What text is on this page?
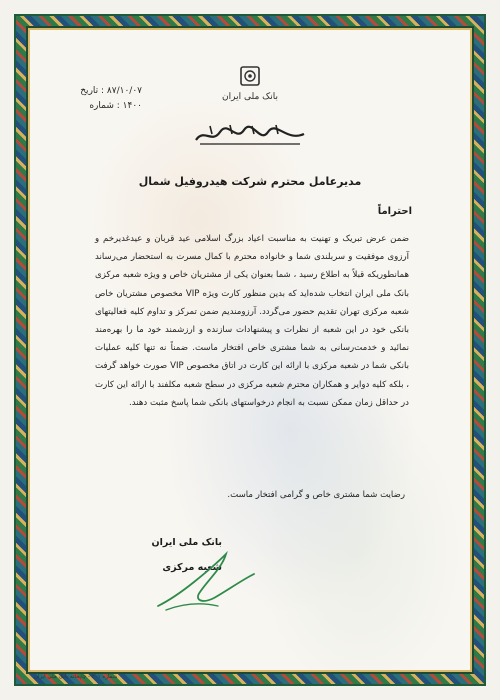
بانک ملی ایران
۸۷/۱۰/۰۷ : تاریخ
۱۴۰۰ : شماره
مدیرعامل محترم شرکت هیدروفیل شمال
احتراماً

ضمن عرض تبریک و تهنیت به مناسبت اعیاد بزرگ اسلامی عید قربان و عیدغدیرخم و آرزوی موفقیت و سربلندی شما و خانواده محترم با کمال مسرت به استحضار می‌رساند همانطوریکه قبلاً به اطلاع رسید ، شما بعنوان یکی از مشتریان خاص و ویژه شعبه مرکزی بانک ملی ایران انتخاب شده‌اید که بدین منظور کارت ویژه VIP مخصوص مشتریان خاص شعبه مرکزی تهران تقدیم حضور می‌گردد. آرزومندیم ضمن تمرکز و تداوم کلیه فعالیتهای بانکی خود در این شعبه از نظرات و پیشنهادات سازنده و ارزشمند خود ما را بهره‌مند نمائید و خدمت‌رسانی به شما مشتری خاص افتخار ماست. ضمناً نه تنها کلیه عملیات بانکی شما در شعبه مرکزی با ارائه این کارت در اتاق مخصوص VIP صورت خواهد گرفت ، بلکه کلیه دوایر و همکاران محترم شعبه مرکزی در سطح شعبه مکلفند با ارائه این کارت در حداقل زمان ممکن نسبت به انجام درخواستهای بانکی شما پاسخ مثبت دهند.

رضایت شما مشتری خاص و گرامی افتخار ماست.
بانک ملی ایران
شعبه مرکزی
شماره ۲۰۱ - چاپخانه بانک ملی ایران
